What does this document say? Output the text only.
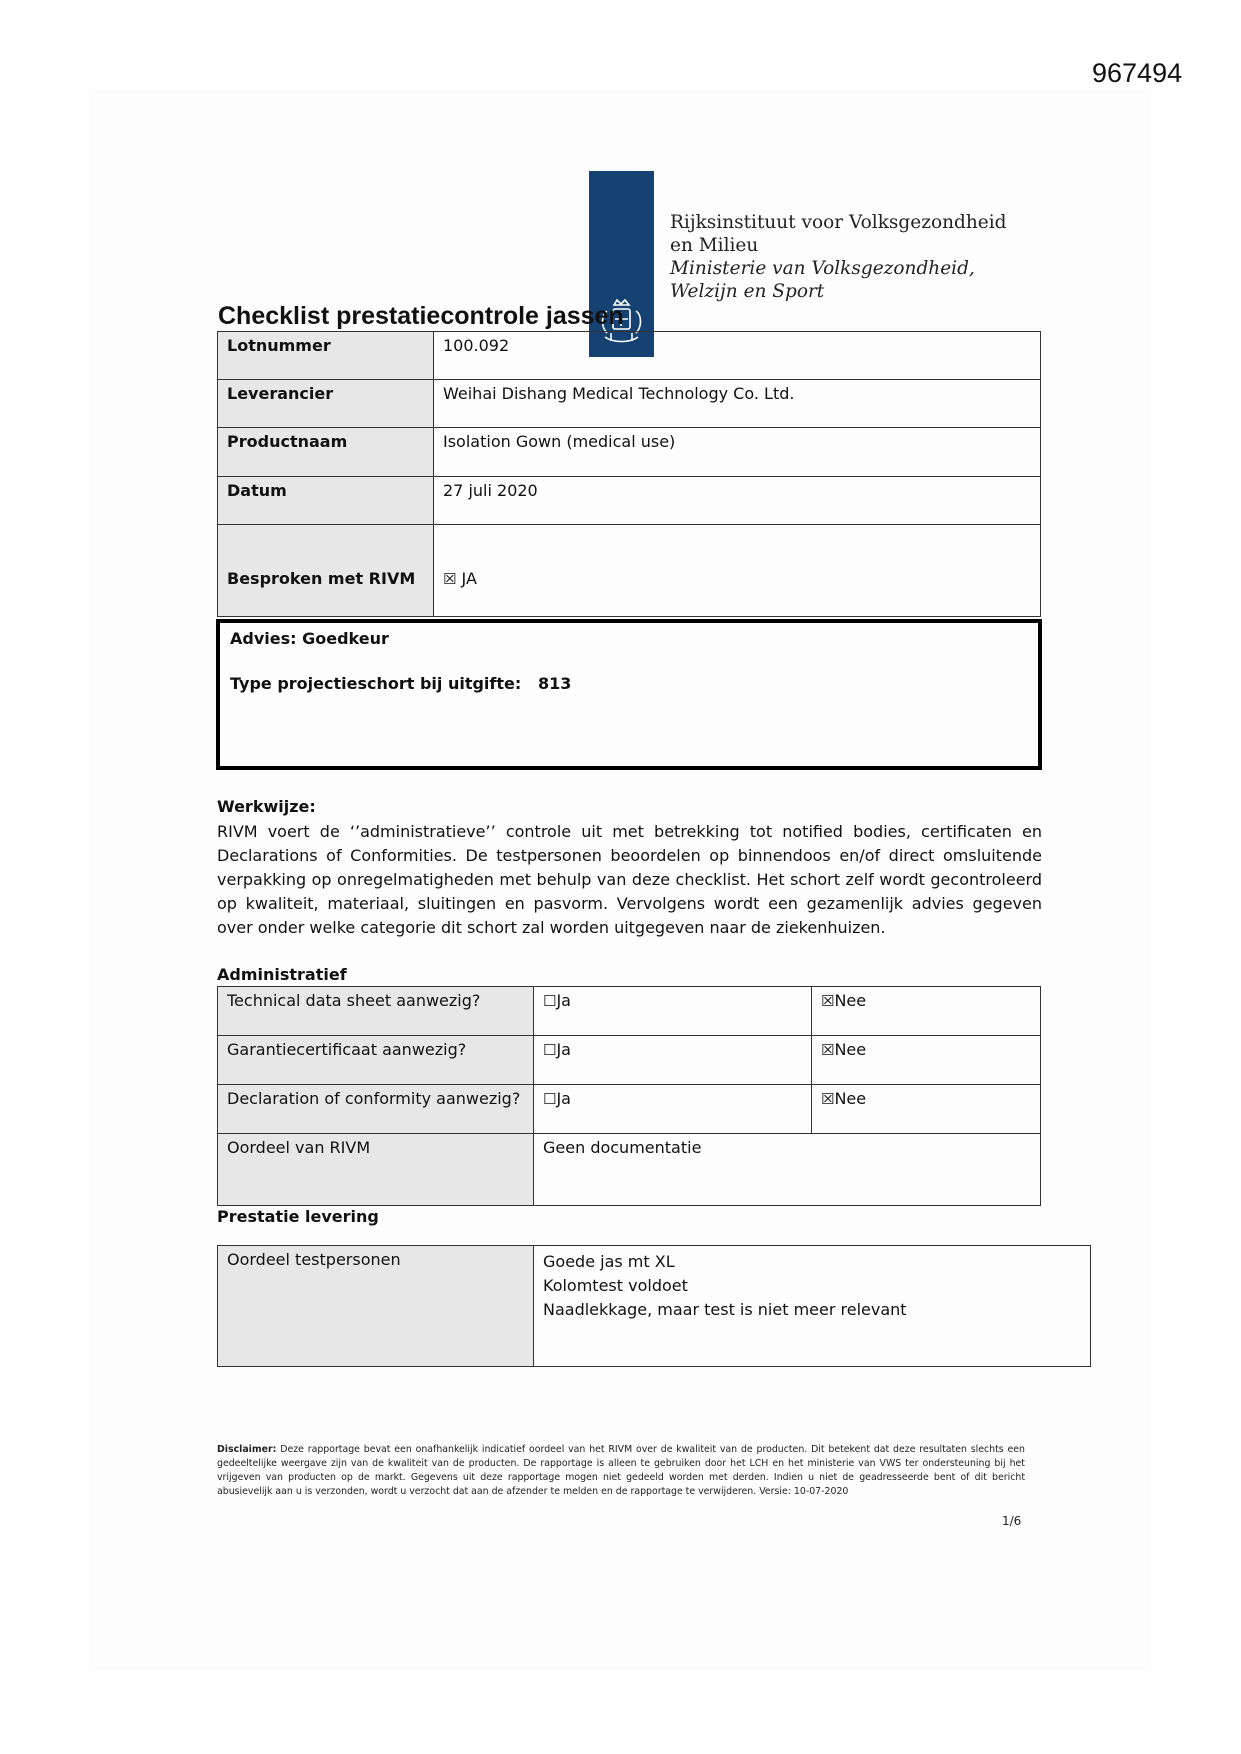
967494
Rijksinstituut voor Volksgezondheid
en Milieu
Ministerie van Volksgezondheid,
Welzijn en Sport
Checklist prestatiecontrole jassen
Lotnummer	100.092
Leverancier	Weihai Dishang Medical Technology Co. Ltd.
Productnaam	Isolation Gown (medical use)
Datum	27 juli 2020
Besproken met RIVM	☒ JA
Advies: Goedkeur
Type projectieschort bij uitgifte: 813
Werkwijze:
RIVM voert de ‘’administratieve’’ controle uit met betrekking tot notified bodies, certificaten en Declarations of Conformities. De testpersonen beoordelen op binnendoos en/of direct omsluitende verpakking op onregelmatigheden met behulp van deze checklist. Het schort zelf wordt gecontroleerd op kwaliteit, materiaal, sluitingen en pasvorm. Vervolgens wordt een gezamenlijk advies gegeven over onder welke categorie dit schort zal worden uitgegeven naar de ziekenhuizen.
Administratief
Technical data sheet aanwezig?	☐Ja	☒Nee
Garantiecertificaat aanwezig?	☐Ja	☒Nee
Declaration of conformity aanwezig?	☐Ja	☒Nee
Oordeel van RIVM	Geen documentatie	
Prestatie levering
Oordeel testpersonen	Goede jas mt XL
Kolomtest voldoet
Naadlekkage, maar test is niet meer relevant
Disclaimer: Deze rapportage bevat een onafhankelijk indicatief oordeel van het RIVM over de kwaliteit van de producten. Dit betekent dat deze resultaten slechts een gedeeltelijke weergave zijn van de kwaliteit van de producten. De rapportage is alleen te gebruiken door het LCH en het ministerie van VWS ter ondersteuning bij het vrijgeven van producten op de markt. Gegevens uit deze rapportage mogen niet gedeeld worden met derden. Indien u niet de geadresseerde bent of dit bericht abusievelijk aan u is verzonden, wordt u verzocht dat aan de afzender te melden en de rapportage te verwijderen. Versie: 10-07-2020
1/6
